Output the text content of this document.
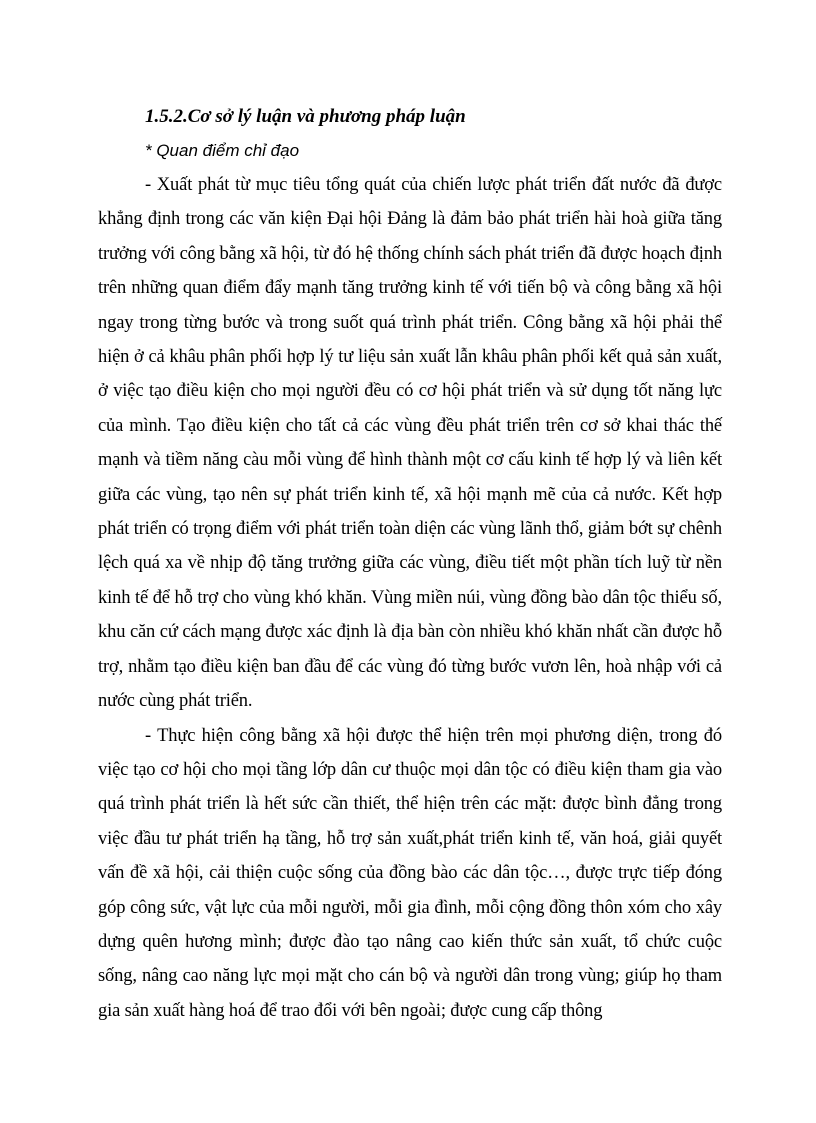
1.5.2.Cơ sở lý luận và phương pháp luận
* Quan điểm chỉ đạo

- Xuất phát từ mục tiêu tổng quát của chiến lược phát triển đất nước đã được khẳng định trong các văn kiện Đại hội Đảng là đảm bảo phát triển hài hoà giữa tăng trưởng với công bằng xã hội, từ đó hệ thống chính sách phát triển đã được hoạch định trên những quan điểm đẩy mạnh tăng trưởng kinh tế với tiến bộ và công bằng xã hội ngay trong từng bước và trong suốt quá trình phát triển. Công bằng xã hội phải thể hiện ở cả khâu phân phối hợp lý tư liệu sản xuất lẫn khâu phân phối kết quả sản xuất, ở việc tạo điều kiện cho mọi người đều có cơ hội phát triển và sử dụng tốt năng lực của mình. Tạo điều kiện cho tất cả các vùng đều phát triển trên cơ sở khai thác thế mạnh và tiềm năng càu mỗi vùng để hình thành một cơ cấu kinh tế hợp lý và liên kết giữa các vùng, tạo nên sự phát triển kinh tế, xã hội mạnh mẽ của cả nước. Kết hợp phát triển có trọng điểm với phát triển toàn diện các vùng lãnh thổ, giảm bớt sự chênh lệch quá xa về nhịp độ tăng trưởng giữa các vùng, điều tiết một phần tích luỹ từ nền kinh tế để hỗ trợ cho vùng khó khăn. Vùng miền núi, vùng đồng bào dân tộc thiểu số, khu căn cứ cách mạng được xác định là địa bàn còn nhiều khó khăn nhất cần được hỗ trợ, nhằm tạo điều kiện ban đầu để các vùng đó từng bước vươn lên, hoà nhập với cả nước cùng phát triển.

- Thực hiện công bằng xã hội được thể hiện trên mọi phương diện, trong đó việc tạo cơ hội cho mọi tầng lớp dân cư thuộc mọi dân tộc có điều kiện tham gia vào quá trình phát triển là hết sức cần thiết, thể hiện trên các mặt: được bình đẳng trong việc đầu tư phát triển hạ tầng, hỗ trợ sản xuất,phát triển kinh tế, văn hoá, giải quyết vấn đề xã hội, cải thiện cuộc sống của đồng bào các dân tộc…, được trực tiếp đóng góp công sức, vật lực của mỗi người, mỗi gia đình, mỗi cộng đồng thôn xóm cho xây dựng quên hương mình; được đào tạo nâng cao kiến thức sản xuất, tổ chức cuộc sống, nâng cao năng lực mọi mặt cho cán bộ và người dân trong vùng; giúp họ tham gia sản xuất hàng hoá để trao đổi với bên ngoài; được cung cấp thông
